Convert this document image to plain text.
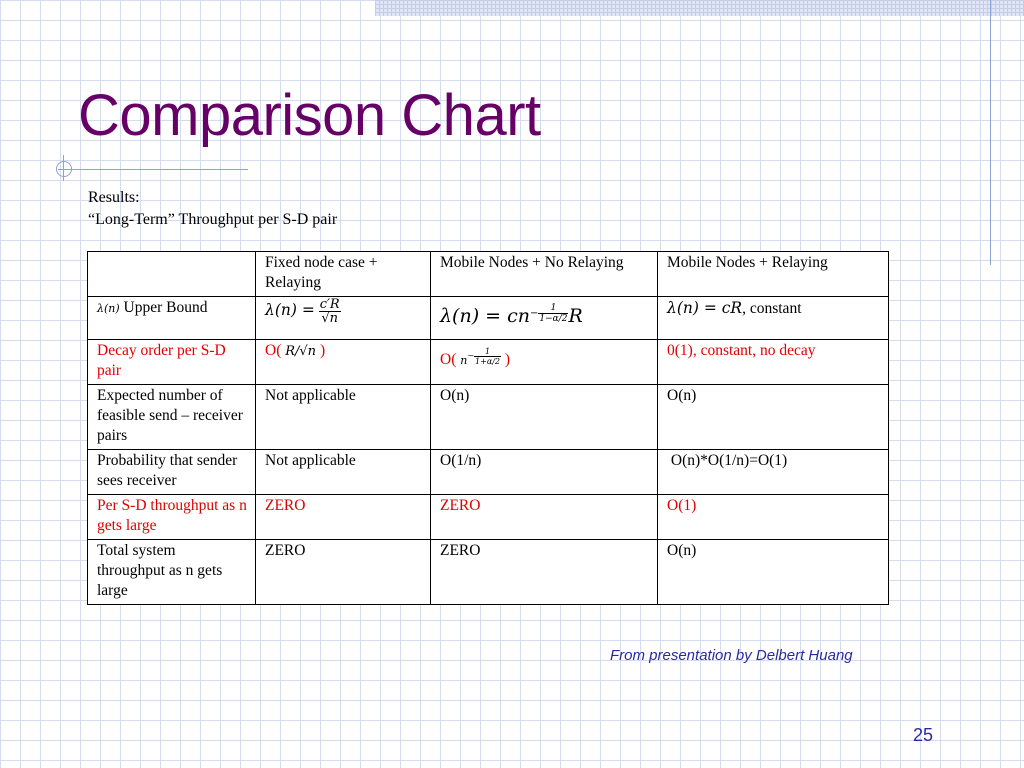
Comparison Chart
Results:
“Long-Term” Throughput per S-D pair
	Fixed node case + Relaying	Mobile Nodes + No Relaying	Mobile Nodes + Relaying
λ(n) Upper Bound	$\lambda(n) = \frac{c'R}{√n}$	$\lambda(n) = cn^{- \frac{1}{1-\alpha/2}}$ R	λ(n) = cR, constant
Decay order per S-D pair	O( R/√n )	O( $n^{- \frac{1}{1+\alpha/2}}$ )	0(1), constant, no decay
Expected number of feasible send – receiver pairs	Not applicable	O(n)	O(n)
Probability that sender sees receiver	Not applicable	O(1/n)	O(n)*O(1/n)=O(1)
Per S-D throughput as n gets large	ZERO	ZERO	O(1)
Total system throughput as n gets large	ZERO	ZERO	O(n)
From presentation by Delbert Huang
25
